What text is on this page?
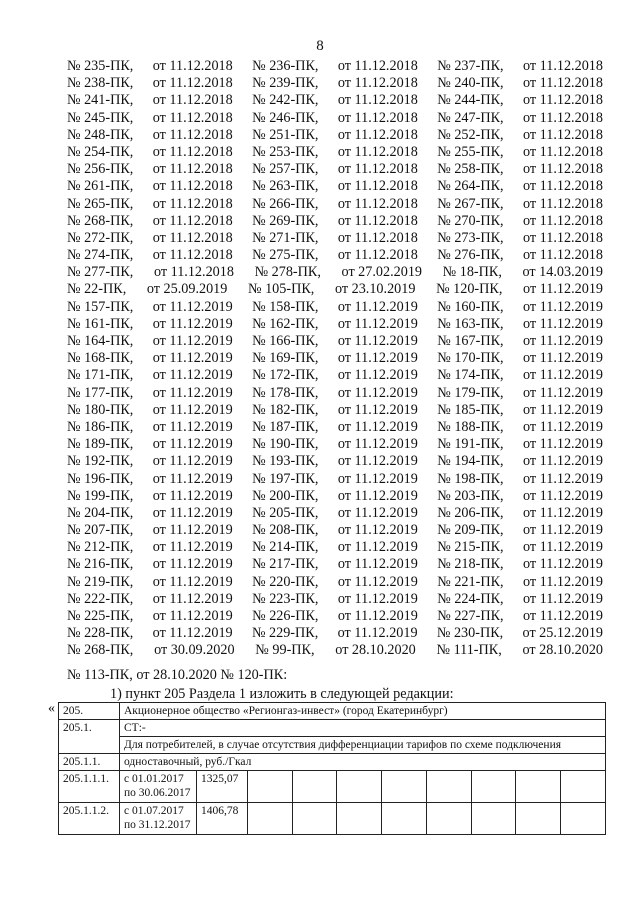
8
№ 235-ПК, от 11.12.2018 № 236-ПК, от 11.12.2018 № 237-ПК, от 11.12.2018
№ 238-ПК, от 11.12.2018 № 239-ПК, от 11.12.2018 № 240-ПК, от 11.12.2018
№ 241-ПК, от 11.12.2018 № 242-ПК, от 11.12.2018 № 244-ПК, от 11.12.2018
№ 245-ПК, от 11.12.2018 № 246-ПК, от 11.12.2018 № 247-ПК, от 11.12.2018
№ 248-ПК, от 11.12.2018 № 251-ПК, от 11.12.2018 № 252-ПК, от 11.12.2018
№ 254-ПК, от 11.12.2018 № 253-ПК, от 11.12.2018 № 255-ПК, от 11.12.2018
№ 256-ПК, от 11.12.2018 № 257-ПК, от 11.12.2018 № 258-ПК, от 11.12.2018
№ 261-ПК, от 11.12.2018 № 263-ПК, от 11.12.2018 № 264-ПК, от 11.12.2018
№ 265-ПК, от 11.12.2018 № 266-ПК, от 11.12.2018 № 267-ПК, от 11.12.2018
№ 268-ПК, от 11.12.2018 № 269-ПК, от 11.12.2018 № 270-ПК, от 11.12.2018
№ 272-ПК, от 11.12.2018 № 271-ПК, от 11.12.2018 № 273-ПК, от 11.12.2018
№ 274-ПК, от 11.12.2018 № 275-ПК, от 11.12.2018 № 276-ПК, от 11.12.2018
№ 277-ПК, от 11.12.2018 № 278-ПК, от 27.02.2019 № 18-ПК, от 14.03.2019
№ 22-ПК, от 25.09.2019 № 105-ПК, от 23.10.2019 № 120-ПК, от 11.12.2019
№ 157-ПК, от 11.12.2019 № 158-ПК, от 11.12.2019 № 160-ПК, от 11.12.2019
№ 161-ПК, от 11.12.2019 № 162-ПК, от 11.12.2019 № 163-ПК, от 11.12.2019
№ 164-ПК, от 11.12.2019 № 166-ПК, от 11.12.2019 № 167-ПК, от 11.12.2019
№ 168-ПК, от 11.12.2019 № 169-ПК, от 11.12.2019 № 170-ПК, от 11.12.2019
№ 171-ПК, от 11.12.2019 № 172-ПК, от 11.12.2019 № 174-ПК, от 11.12.2019
№ 177-ПК, от 11.12.2019 № 178-ПК, от 11.12.2019 № 179-ПК, от 11.12.2019
№ 180-ПК, от 11.12.2019 № 182-ПК, от 11.12.2019 № 185-ПК, от 11.12.2019
№ 186-ПК, от 11.12.2019 № 187-ПК, от 11.12.2019 № 188-ПК, от 11.12.2019
№ 189-ПК, от 11.12.2019 № 190-ПК, от 11.12.2019 № 191-ПК, от 11.12.2019
№ 192-ПК, от 11.12.2019 № 193-ПК, от 11.12.2019 № 194-ПК, от 11.12.2019
№ 196-ПК, от 11.12.2019 № 197-ПК, от 11.12.2019 № 198-ПК, от 11.12.2019
№ 199-ПК, от 11.12.2019 № 200-ПК, от 11.12.2019 № 203-ПК, от 11.12.2019
№ 204-ПК, от 11.12.2019 № 205-ПК, от 11.12.2019 № 206-ПК, от 11.12.2019
№ 207-ПК, от 11.12.2019 № 208-ПК, от 11.12.2019 № 209-ПК, от 11.12.2019
№ 212-ПК, от 11.12.2019 № 214-ПК, от 11.12.2019 № 215-ПК, от 11.12.2019
№ 216-ПК, от 11.12.2019 № 217-ПК, от 11.12.2019 № 218-ПК, от 11.12.2019
№ 219-ПК, от 11.12.2019 № 220-ПК, от 11.12.2019 № 221-ПК, от 11.12.2019
№ 222-ПК, от 11.12.2019 № 223-ПК, от 11.12.2019 № 224-ПК, от 11.12.2019
№ 225-ПК, от 11.12.2019 № 226-ПК, от 11.12.2019 № 227-ПК, от 11.12.2019
№ 228-ПК, от 11.12.2019 № 229-ПК, от 11.12.2019 № 230-ПК, от 25.12.2019
№ 268-ПК, от 30.09.2020 № 99-ПК, от 28.10.2020 № 111-ПК, от 28.10.2020
№ 113-ПК, от 28.10.2020 № 120-ПК:
1) пункт 205 Раздела 1 изложить в следующей редакции:
« 205.	Акционерное общество «Регионгаз-инвест» (город Екатеринбург)									
205.1.	СТ:-									
	Для потребителей, в случае отсутствия дифференциации тарифов по схеме подключения									
205.1.1.	одноставочный, руб./Гкал									
205.1.1.1.	с 01.01.2017 по 30.06.2017	1325,07								
205.1.1.2.	с 01.07.2017 по 31.12.2017	1406,78								
